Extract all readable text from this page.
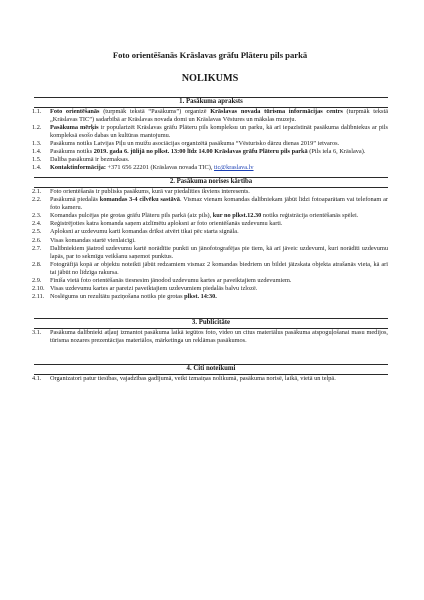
Foto orientēšanās Krāslavas grāfu Plāteru pils parkā
NOLIKUMS
1. Pasākuma apraksts
1.1.	Foto orientēšanās (turpmāk tekstā “Pasākums”) organizē Krāslavas novada tūrisma informācijas centrs (turpmāk tekstā „Krāslavas TIC”) sadarbībā ar Krāslavas novada domi un Krāslavas Vēstures un mākslas muzeju.
1.2.	Pasākuma mērķis ir popularizēt Krāslavas grāfu Plāteru pils kompleksu un parku, kā arī iepazīstināt pasākuma dalībniekus ar pils kompleksā esošo dabas un kultūras mantojumu.
1.3.	Pasākums notiks Latvijas Piļu un muižu asociācijas organizētā pasākuma “Vēsturisko dārzu dienas 2019” ietvaros.
1.4.	Pasākums notiks 2019. gada 6. jūlijā no plkst. 13:00 līdz 14.00 Krāslavas grāfu Plāteru pils parkā (Pils iela 6, Krāslava).
1.5.	Dalība pasākumā ir bezmaksas.
1.4.	Kontaktinformācija: +371 656 22201 (Krāslavas novada TIC), tic@kraslava.lv
2. Pasākuma norises kārtība
2.1.	Foto orientēšanās ir publisks pasākums, kurā var piedalīties ikviens interesents.
2.2.	Pasākumā piedalās komandas 3-4 cilvēku sastāvā. Vismaz vienam komandas dalībniekam jābūt līdzi fotoaparātam vai telefonam ar foto kameru.
2.3.	Komandas pulcējas pie grotas grāfu Plāteru pils parkā (aiz pils), kur no plkst.12.30 notiks reģistrācija orientēšanās spēlei.
2.4.	Reģistrējoties katra komanda saņem aizlīmētu aploksni ar foto orientēšanās uzdevumu karti.
2.5.	Aploksni ar uzdevumu karti komandas drīkst atvērt tikai pēc starta signāla.
2.6.	Visas komandas startē vienlaicīgi.
2.7.	Dalībniekiem jāatrod uzdevumu kartē norādītie punkti un jānofotografējas pie tiem, kā arī jāveic uzdevumi, kuri norādīti uzdevumu lapās, par to sekmīgu veikšanu saņemot punktus.
2.8.	Fotogrāfijā kopā ar objektu noteikti jābūt redzamiem vismaz 2 komandas biedriem un bildei jāizskata objekta atrašanās vieta, kā arī tai jābūt no līdzīga rakursa.
2.9.	Finiša vietā foto orientēšanās tiesnesim jānodod uzdevumu kartes ar paveiktajiem uzdevumiem.
2.10. Visas uzdevumu kartes ar pareizi paveiktajiem uzdevumiem piedalās balvu izlozē.
2.11. Noslēgums un rezultātu paziņošana notiks pie grotas plkst. 14:30.
3. Publicitāte
3.1.	Pasākuma dalībnieki atļauj izmantot pasākuma laikā iegūtos foto, video un citus materiālus pasākuma atspoguļošanai masu medijos, tūrisma nozares prezentācijas materiālos, mārketinga un reklāmas pasākumos.
4. Citi noteikumi
4.1.	Organizatori patur tiesības, vajadzības gadījumā, veikt izmaiņas nolikumā, pasākuma norisē, laikā, vietā un telpā.
